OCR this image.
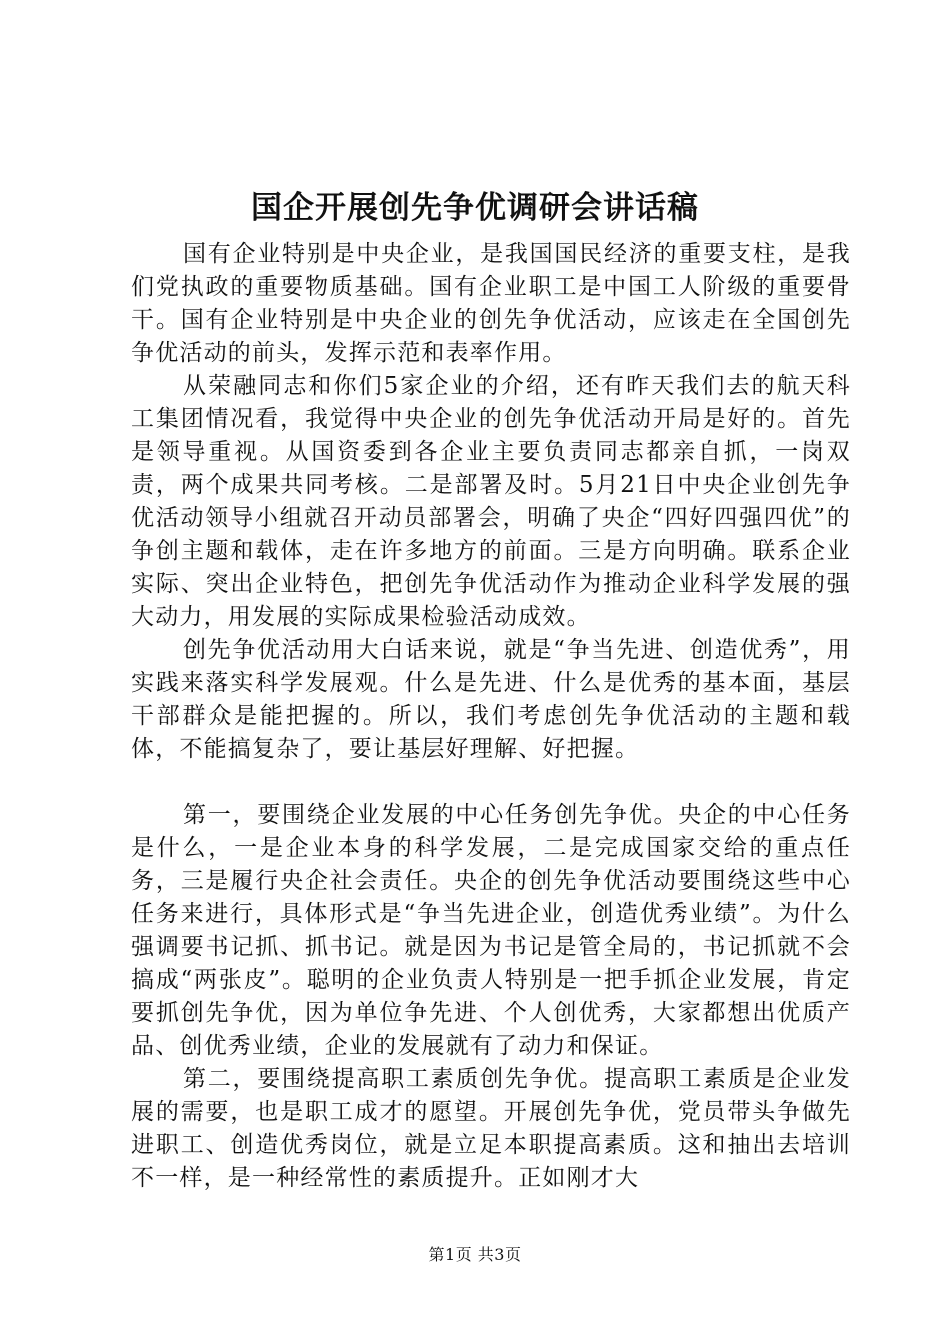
国企开展创先争优调研会讲话稿

国有企业特别是中央企业，是我国国民经济的重要支柱，是我们党执政的重要物质基础。国有企业职工是中国工人阶级的重要骨干。国有企业特别是中央企业的创先争优活动，应该走在全国创先争优活动的前头，发挥示范和表率作用。

从荣融同志和你们5家企业的介绍，还有昨天我们去的航天科工集团情况看，我觉得中央企业的创先争优活动开局是好的。首先是领导重视。从国资委到各企业主要负责同志都亲自抓，一岗双责，两个成果共同考核。二是部署及时。5月21日中央企业创先争优活动领导小组就召开动员部署会，明确了央企“四好四强四优”的争创主题和载体，走在许多地方的前面。三是方向明确。联系企业实际、突出企业特色，把创先争优活动作为推动企业科学发展的强大动力，用发展的实际成果检验活动成效。

创先争优活动用大白话来说，就是“争当先进、创造优秀”，用实践来落实科学发展观。什么是先进、什么是优秀的基本面，基层干部群众是能把握的。所以，我们考虑创先争优活动的主题和载体，不能搞复杂了，要让基层好理解、好把握。

第一，要围绕企业发展的中心任务创先争优。央企的中心任务是什么，一是企业本身的科学发展，二是完成国家交给的重点任务，三是履行央企社会责任。央企的创先争优活动要围绕这些中心任务来进行，具体形式是“争当先进企业，创造优秀业绩”。为什么强调要书记抓、抓书记。就是因为书记是管全局的，书记抓就不会搞成“两张皮”。聪明的企业负责人特别是一把手抓企业发展，肯定要抓创先争优，因为单位争先进、个人创优秀，大家都想出优质产品、创优秀业绩，企业的发展就有了动力和保证。

第二，要围绕提高职工素质创先争优。提高职工素质是企业发展的需要，也是职工成才的愿望。开展创先争优，党员带头争做先进职工、创造优秀岗位，就是立足本职提高素质。这和抽出去培训不一样，是一种经常性的素质提升。正如刚才大

第1页 共3页
